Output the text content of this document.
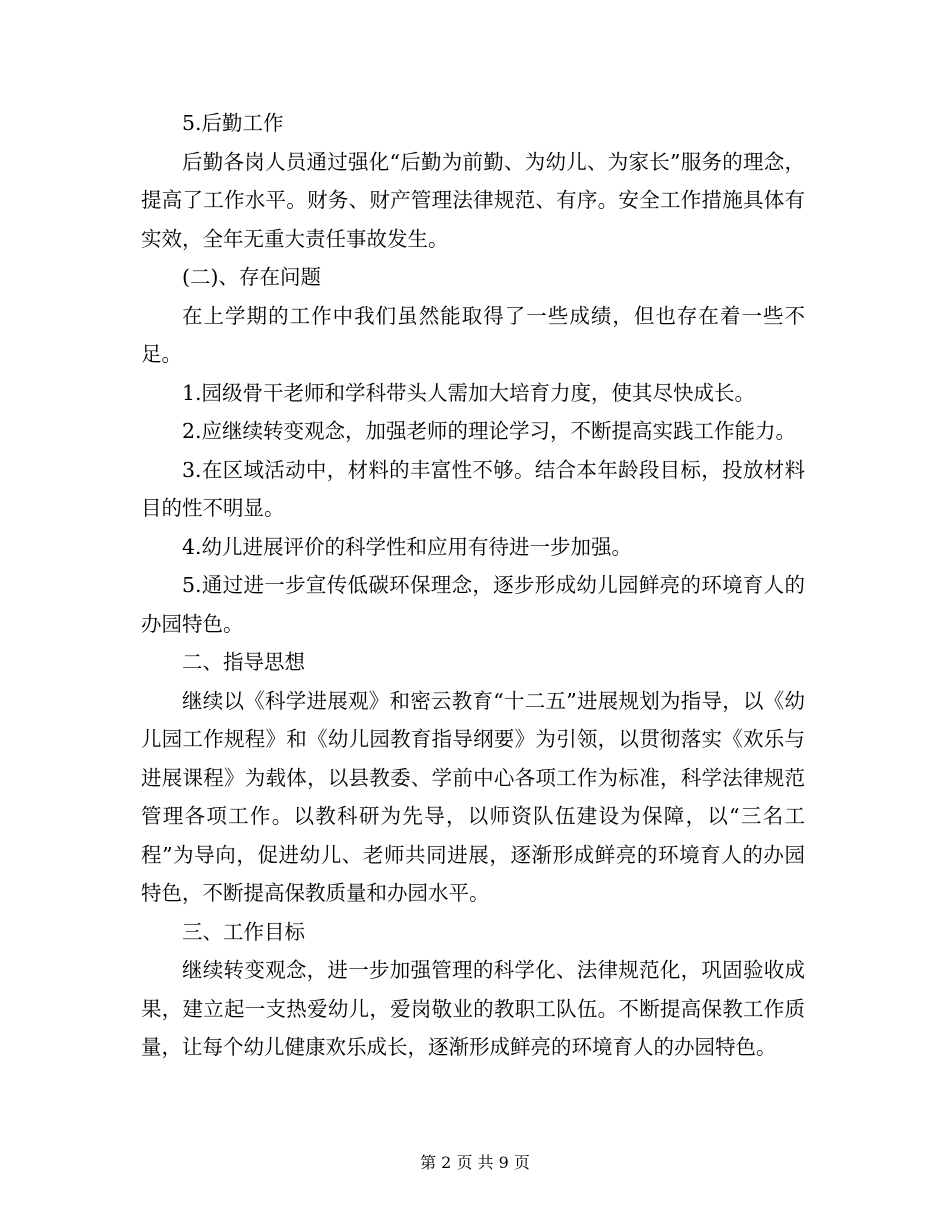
5.后勤工作

后勤各岗人员通过强化“后勤为前勤、为幼儿、为家长”服务的理念，提高了工作水平。财务、财产管理法律规范、有序。安全工作措施具体有实效，全年无重大责任事故发生。

(二)、存在问题

在上学期的工作中我们虽然能取得了一些成绩，但也存在着一些不足。

1.园级骨干老师和学科带头人需加大培育力度，使其尽快成长。

2.应继续转变观念，加强老师的理论学习，不断提高实践工作能力。

3.在区域活动中，材料的丰富性不够。结合本年龄段目标，投放材料目的性不明显。

4.幼儿进展评价的科学性和应用有待进一步加强。

5.通过进一步宣传低碳环保理念，逐步形成幼儿园鲜亮的环境育人的办园特色。

二、指导思想

继续以《科学进展观》和密云教育“十二五”进展规划为指导，以《幼儿园工作规程》和《幼儿园教育指导纲要》为引领，以贯彻落实《欢乐与进展课程》为载体，以县教委、学前中心各项工作为标准，科学法律规范管理各项工作。以教科研为先导，以师资队伍建设为保障，以“三名工程”为导向，促进幼儿、老师共同进展，逐渐形成鲜亮的环境育人的办园特色，不断提高保教质量和办园水平。

三、工作目标

继续转变观念，进一步加强管理的科学化、法律规范化，巩固验收成果，建立起一支热爱幼儿，爱岗敬业的教职工队伍。不断提高保教工作质量，让每个幼儿健康欢乐成长，逐渐形成鲜亮的环境育人的办园特色。

第 2 页 共 9 页
